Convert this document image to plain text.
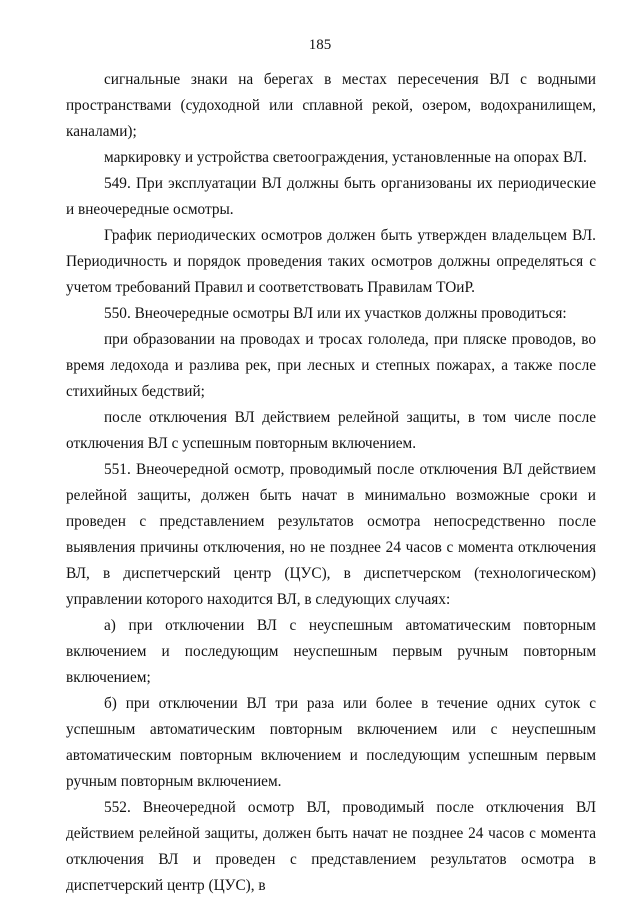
185

сигнальные знаки на берегах в местах пересечения ВЛ с водными пространствами (судоходной или сплавной рекой, озером, водохранилищем, каналами);

маркировку и устройства светоограждения, установленные на опорах ВЛ.

549. При эксплуатации ВЛ должны быть организованы их периодические и внеочередные осмотры.

График периодических осмотров должен быть утвержден владельцем ВЛ. Периодичность и порядок проведения таких осмотров должны определяться с учетом требований Правил и соответствовать Правилам ТОиР.

550. Внеочередные осмотры ВЛ или их участков должны проводиться:

при образовании на проводах и тросах гололеда, при пляске проводов, во время ледохода и разлива рек, при лесных и степных пожарах, а также после стихийных бедствий;

после отключения ВЛ действием релейной защиты, в том числе после отключения ВЛ с успешным повторным включением.

551. Внеочередной осмотр, проводимый после отключения ВЛ действием релейной защиты, должен быть начат в минимально возможные сроки и проведен с представлением результатов осмотра непосредственно после выявления причины отключения, но не позднее 24 часов с момента отключения ВЛ, в диспетчерский центр (ЦУС), в диспетчерском (технологическом) управлении которого находится ВЛ, в следующих случаях:

а) при отключении ВЛ с неуспешным автоматическим повторным включением и последующим неуспешным первым ручным повторным включением;

б) при отключении ВЛ три раза или более в течение одних суток с успешным автоматическим повторным включением или с неуспешным автоматическим повторным включением и последующим успешным первым ручным повторным включением.

552. Внеочередной осмотр ВЛ, проводимый после отключения ВЛ действием релейной защиты, должен быть начат не позднее 24 часов с момента отключения ВЛ и проведен с представлением результатов осмотра в диспетчерский центр (ЦУС), в
